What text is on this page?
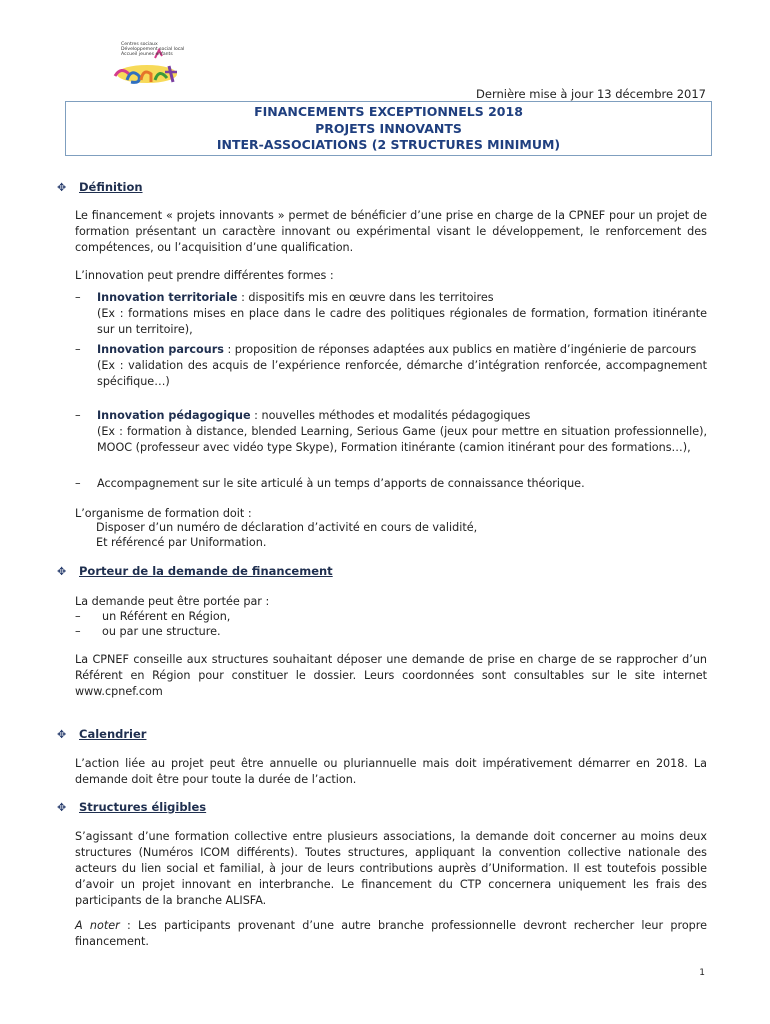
Centres sociaux
Développement social local
Accueil jeunes enfants
Dernière mise à jour 13 décembre 2017
FINANCEMENTS EXCEPTIONNELS 2018
PROJETS INNOVANTS
INTER-ASSOCIATIONS (2 STRUCTURES MINIMUM)
✥ Définition
Le financement « projets innovants » permet de bénéficier d’une prise en charge de la CPNEF pour un projet de formation présentant un caractère innovant ou expérimental visant le développement, le renforcement des compétences, ou l’acquisition d’une qualification.
L’innovation peut prendre différentes formes :
– Innovation territoriale : dispositifs mis en œuvre dans les territoires
(Ex : formations mises en place dans le cadre des politiques régionales de formation, formation itinérante sur un territoire),
– Innovation parcours : proposition de réponses adaptées aux publics en matière d’ingénierie de parcours
(Ex : validation des acquis de l’expérience renforcée, démarche d’intégration renforcée, accompagnement spécifique…)
– Innovation pédagogique : nouvelles méthodes et modalités pédagogiques
(Ex : formation à distance, blended Learning, Serious Game (jeux pour mettre en situation professionnelle), MOOC (professeur avec vidéo type Skype), Formation itinérante (camion itinérant pour des formations…),
– Accompagnement sur le site articulé à un temps d’apports de connaissance théorique.
L’organisme de formation doit :
Disposer d’un numéro de déclaration d’activité en cours de validité,
Et référencé par Uniformation.
✥ Porteur de la demande de financement
La demande peut être portée par :
– un Référent en Région,
– ou par une structure.
La CPNEF conseille aux structures souhaitant déposer une demande de prise en charge de se rapprocher d’un Référent en Région pour constituer le dossier. Leurs coordonnées sont consultables sur le site internet www.cpnef.com
✥ Calendrier
L’action liée au projet peut être annuelle ou pluriannuelle mais doit impérativement démarrer en 2018. La demande doit être pour toute la durée de l’action.
✥ Structures éligibles
S’agissant d’une formation collective entre plusieurs associations, la demande doit concerner au moins deux structures (Numéros ICOM différents). Toutes structures, appliquant la convention collective nationale des acteurs du lien social et familial, à jour de leurs contributions auprès d’Uniformation. Il est toutefois possible d’avoir un projet innovant en interbranche. Le financement du CTP concernera uniquement les frais des participants de la branche ALISFA.
A noter : Les participants provenant d’une autre branche professionnelle devront rechercher leur propre financement.
1
